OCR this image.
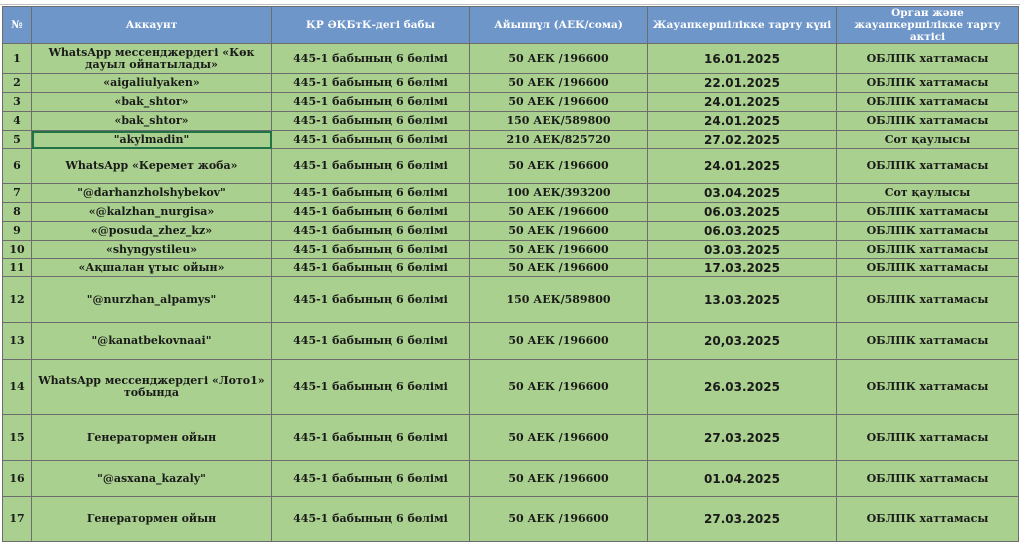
№	Аккаунт	ҚР ӘҚБтК-дегі бабы	Айыппұл (АЕК/сома)	Жауапкершілікке тарту күні	Орган және жауапкершілікке тарту актісі
1	WhatsApp мессенджердегі «Көк дауыл ойнатылады»	445-1 бабының 6 бөлімі	50 АЕК /196600	16.01.2025	ОБЛПК хаттамасы
2	«aigaliulyaken»	445-1 бабының 6 бөлімі	50 АЕК /196600	22.01.2025	ОБЛПК хаттамасы
3	«bak_shtor»	445-1 бабының 6 бөлімі	50 АЕК /196600	24.01.2025	ОБЛПК хаттамасы
4	«bak_shtor»	445-1 бабының 6 бөлімі	150 АЕК/589800	24.01.2025	ОБЛПК хаттамасы
5	"akylmadin"	445-1 бабының 6 бөлімі	210 АЕК/825720	27.02.2025	Сот қаулысы
6	WhatsApp «Керемет жоба»	445-1 бабының 6 бөлімі	50 АЕК /196600	24.01.2025	ОБЛПК хаттамасы
7	"@darhanzholshybekov"	445-1 бабының 6 бөлімі	100 АЕК/393200	03.04.2025	Сот қаулысы
8	«@kalzhan_nurgisa»	445-1 бабының 6 бөлімі	50 АЕК /196600	06.03.2025	ОБЛПК хаттамасы
9	«@posuda_zhez_kz»	445-1 бабының 6 бөлімі	50 АЕК /196600	06.03.2025	ОБЛПК хаттамасы
10	«shyngystileu»	445-1 бабының 6 бөлімі	50 АЕК /196600	03.03.2025	ОБЛПК хаттамасы
11	«Ақшалан ұтыс ойын»	445-1 бабының 6 бөлімі	50 АЕК /196600	17.03.2025	ОБЛПК хаттамасы
12	"@nurzhan_alpamys"	445-1 бабының 6 бөлімі	150 АЕК/589800	13.03.2025	ОБЛПК хаттамасы
13	"@kanatbekovnaai"	445-1 бабының 6 бөлімі	50 АЕК /196600	20,03.2025	ОБЛПК хаттамасы
14	WhatsApp мессенджердегі «Лото1» тобында	445-1 бабының 6 бөлімі	50 АЕК /196600	26.03.2025	ОБЛПК хаттамасы
15	Генератормен ойын	445-1 бабының 6 бөлімі	50 АЕК /196600	27.03.2025	ОБЛПК хаттамасы
16	"@asxana_kazaly"	445-1 бабының 6 бөлімі	50 АЕК /196600	01.04.2025	ОБЛПК хаттамасы
17	Генератормен ойын	445-1 бабының 6 бөлімі	50 АЕК /196600	27.03.2025	ОБЛПК хаттамасы
